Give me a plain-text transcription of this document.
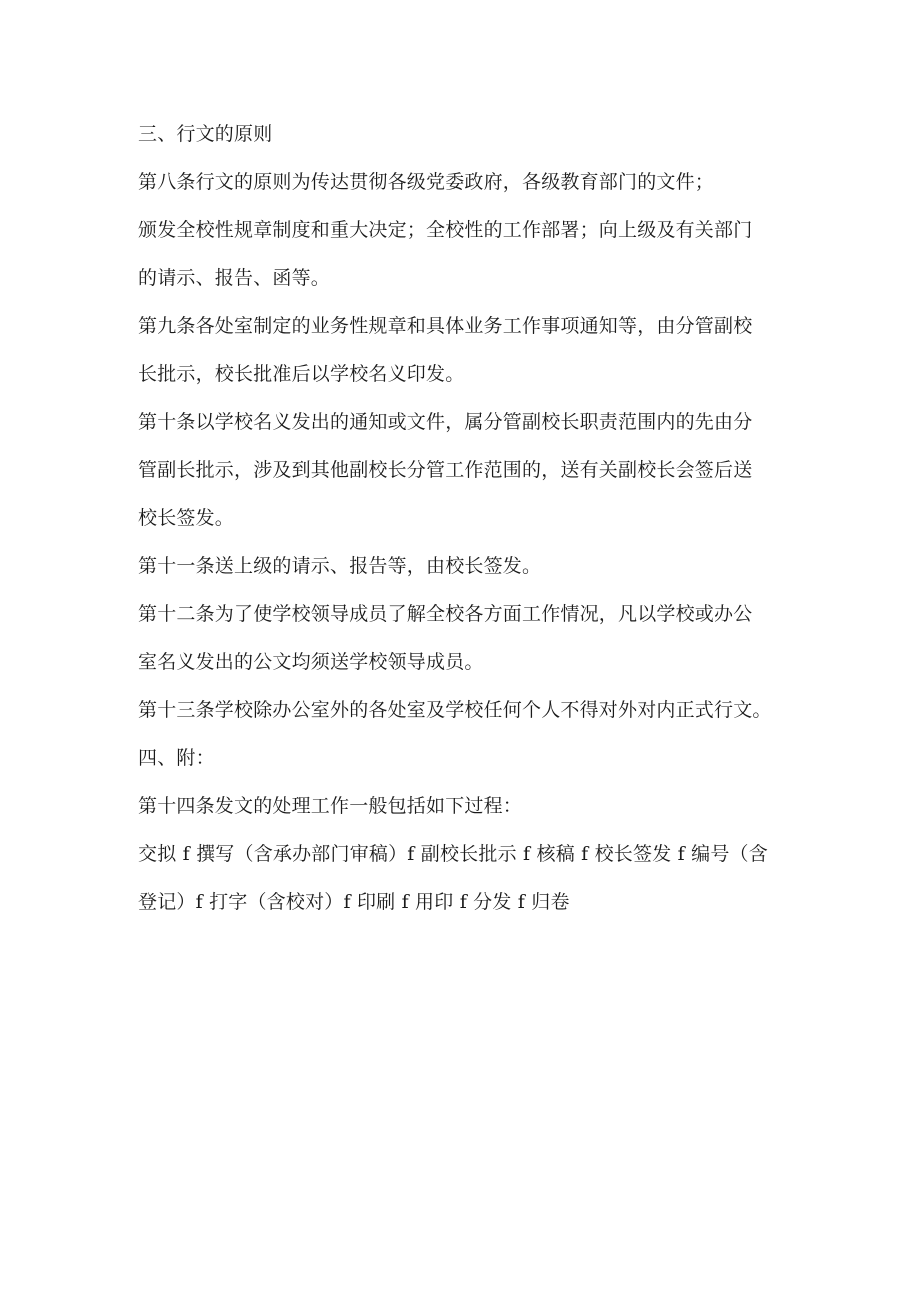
三、行文的原则
第八条行文的原则为传达贯彻各级党委政府，各级教育部门的文件；
颁发全校性规章制度和重大决定；全校性的工作部署；向上级及有关部门
的请示、报告、函等。
第九条各处室制定的业务性规章和具体业务工作事项通知等，由分管副校
长批示，校长批准后以学校名义印发。
第十条以学校名义发出的通知或文件，属分管副校长职责范围内的先由分
管副长批示，涉及到其他副校长分管工作范围的，送有关副校长会签后送
校长签发。
第十一条送上级的请示、报告等，由校长签发。
第十二条为了使学校领导成员了解全校各方面工作情况，凡以学校或办公
室名义发出的公文均须送学校领导成员。
第十三条学校除办公室外的各处室及学校任何个人不得对外对内正式行文。
四、附：
第十四条发文的处理工作一般包括如下过程：
交拟 f 撰写（含承办部门审稿）f 副校长批示 f 核稿 f 校长签发 f 编号（含
登记）f 打字（含校对）f 印刷 f 用印 f 分发 f 归卷
